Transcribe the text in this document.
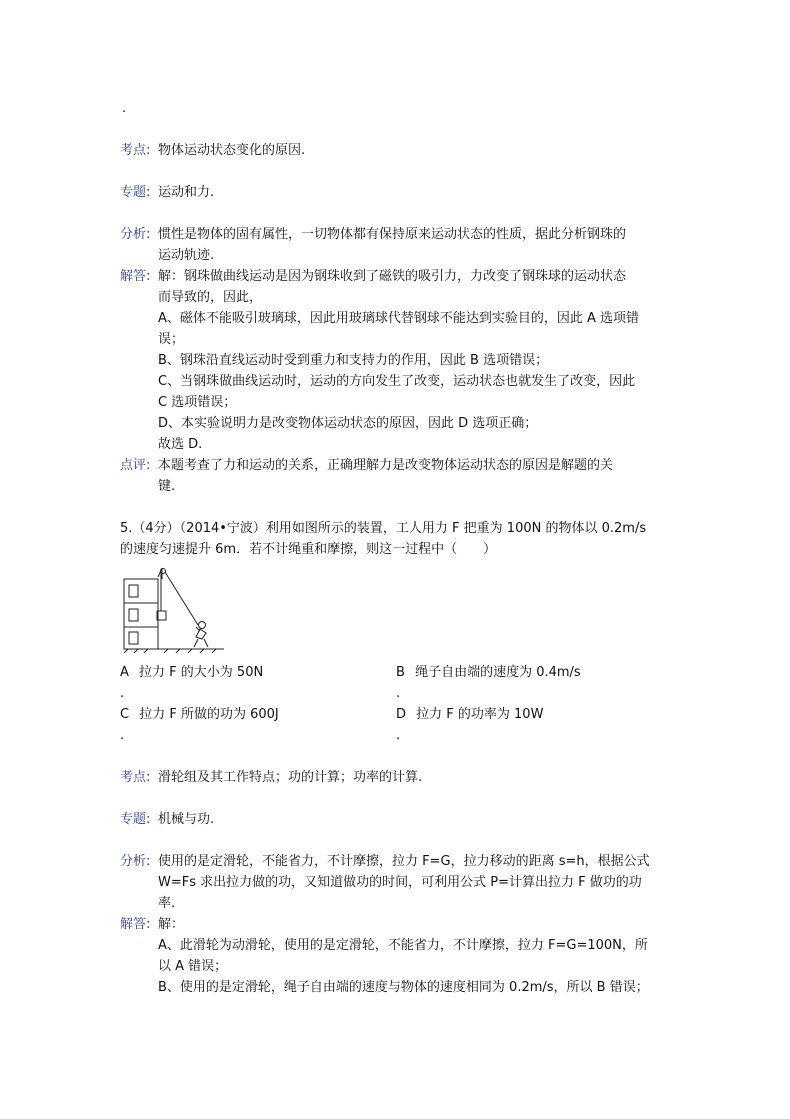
.
考点: 物体运动状态变化的原因.
专题: 运动和力.
分析: 惯性是物体的固有属性，一切物体都有保持原来运动状态的性质，据此分析钢珠的
运动轨迹.
解答: 解：钢珠做曲线运动是因为钢珠收到了磁铁的吸引力，力改变了钢珠球的运动状态
而导致的，因此，
A、磁体不能吸引玻璃球，因此用玻璃球代替钢球不能达到实验目的，因此 A 选项错
误；
B、钢珠沿直线运动时受到重力和支持力的作用，因此 B 选项错误；
C、当钢珠做曲线运动时，运动的方向发生了改变，运动状态也就发生了改变，因此
C 选项错误；
D、本实验说明力是改变物体运动状态的原因，因此 D 选项正确；
故选 D.
点评: 本题考查了力和运动的关系，正确理解力是改变物体运动状态的原因是解题的关
键.
5.（4分）（2014•宁波）利用如图所示的装置，工人用力 F 把重为 100N 的物体以 0.2m/s
的速度匀速提升 6m．若不计绳重和摩擦，则这一过程中（　　）
A 拉力 F 的大小为 50N
.
B 绳子自由端的速度为 0.4m/s
.
C 拉力 F 所做的功为 600J
.
D 拉力 F 的功率为 10W
.
考点: 滑轮组及其工作特点；功的计算；功率的计算.
专题: 机械与功.
分析: 使用的是定滑轮，不能省力，不计摩擦，拉力 F=G，拉力移动的距离 s=h，根据公式
W=Fs 求出拉力做的功，又知道做功的时间，可利用公式 P=计算出拉力 F 做功的功
率.
解答: 解：
A、此滑轮为动滑轮，使用的是定滑轮，不能省力，不计摩擦，拉力 F=G=100N，所
以 A 错误；
B、使用的是定滑轮，绳子自由端的速度与物体的速度相同为 0.2m/s，所以 B 错误；
